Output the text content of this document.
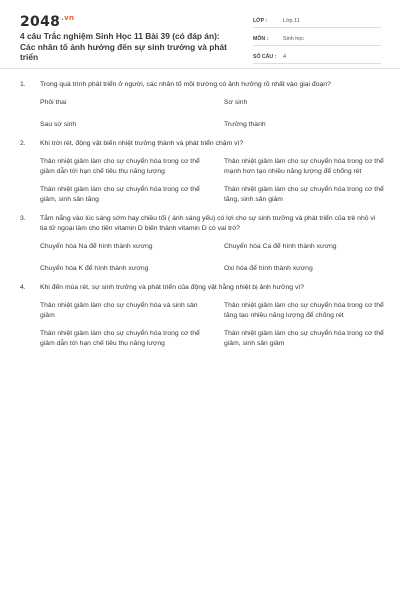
$2048^{.vn}$
4 câu Trắc nghiệm Sinh Học 11 Bài 39 (có đáp án): Các nhân tố ảnh hưởng đến sự sinh trưởng và phát triển
LỚP :	Lớp 11
MÔN :	Sinh học
SỐ CÂU :	4
1.	Trong quá trình phát triển ở người, các nhân tố môi trường có ảnh hưởng rõ nhất vào giai đoạn?
Phôi thai	Sơ sinh
Sau sơ sinh	Trưởng thành
2.	Khi trời rét, động vật biến nhiệt trưởng thành và phát triển chậm vì?
Thân nhiệt giảm làm cho sự chuyển hóa trong cơ thể giảm dẫn tới hạn chế tiêu thụ năng lượng
Thân nhiệt giảm làm cho sự chuyển hóa trong cơ thể mạnh hơn tạo nhiều năng lượng để chống rét
Thân nhiệt giảm làm cho sự chuyển hóa trong cơ thể giảm, sinh sản tăng
Thân nhiệt giảm làm cho sự chuyển hóa trong cơ thể tăng, sinh sản giảm
3.	Tắm nắng vào lúc sáng sớm hay chiều tối ( ánh sáng yếu) có lợi cho sự sinh trưởng và phát triển của trẻ nhỏ vì tia tử ngoại làm cho tiền vitamin D biến thành vitamin D có vai trò?
Chuyển hóa Na để hình thành xương	Chuyển hóa Ca để hình thành xương
Chuyển hóa K để hình thành xương	Oxi hóa để hình thành xương
4.	Khi đến mùa rét, sự sinh trưởng và phát triển của động vật hằng nhiệt bị ảnh hưởng vì?
Thân nhiệt giảm làm cho sự chuyển hóa và sinh sản giảm
Thân nhiệt giảm làm cho sự chuyển hóa trong cơ thể tăng tạo nhiều năng lượng để chống rét
Thân nhiệt giảm làm cho sự chuyển hóa trong cơ thể giảm dẫn tới hạn chế tiêu thụ năng lượng
Thân nhiệt giảm làm cho sự chuyển hóa trong cơ thể giảm, sinh sản giảm
